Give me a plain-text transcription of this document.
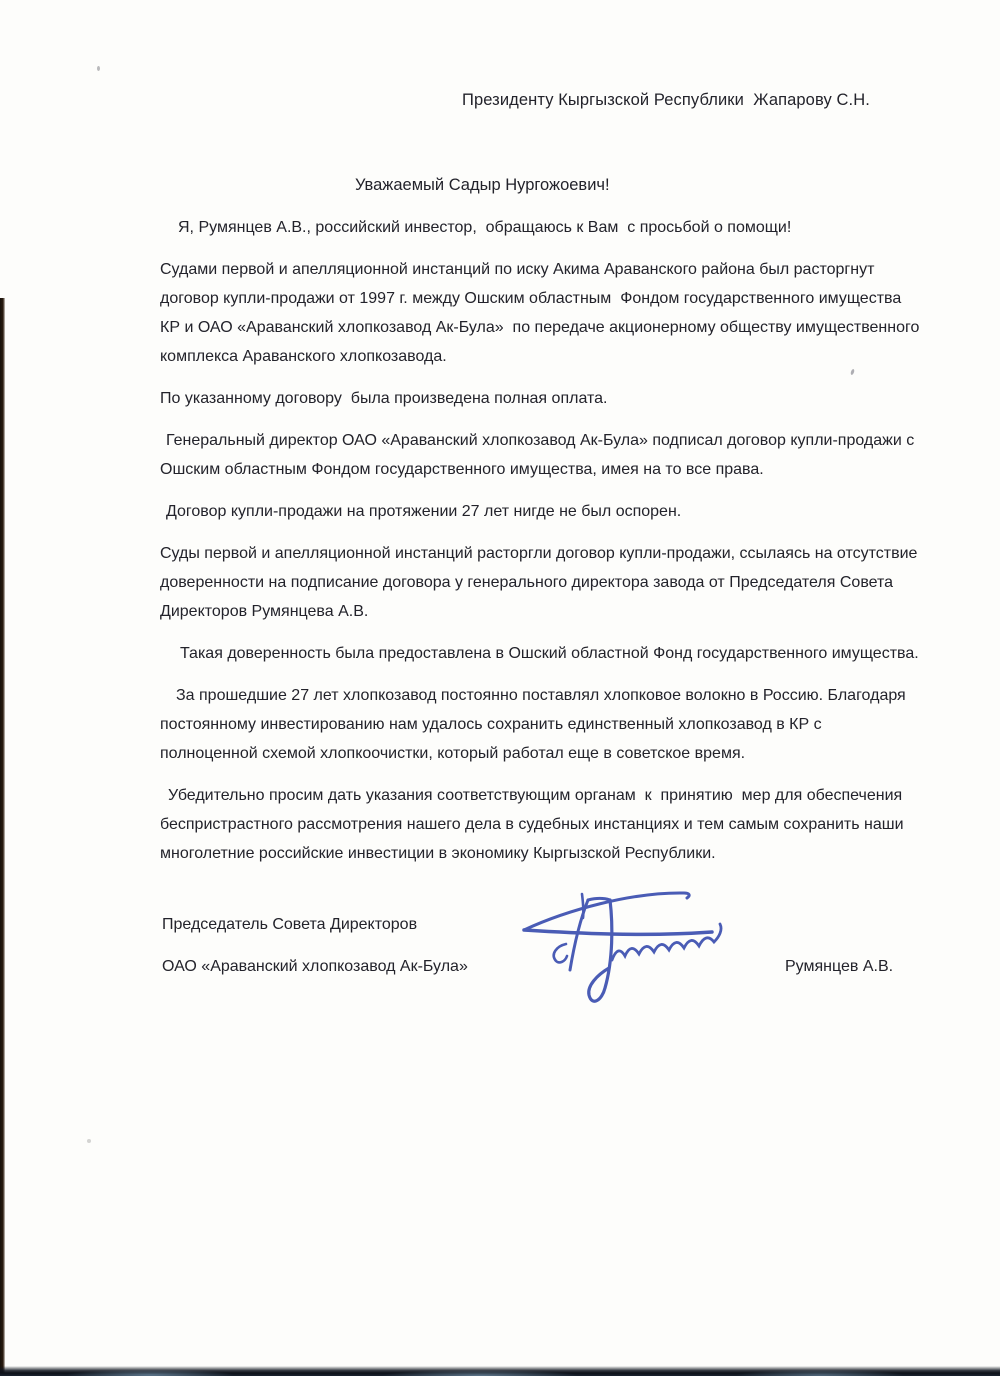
Президенту Кыргызской Республики  Жапарову С.Н.
Уважаемый Садыр Нургожоевич!

Я, Румянцев А.В., российский инвестор,  обращаюсь к Вам  с просьбой о помощи!

Судами первой и апелляционной инстанций по иску Акима Араванского района был расторгнут договор купли-продажи от 1997 г. между Ошским областным  Фондом государственного имущества КР и ОАО «Араванский хлопкозавод Ак-Була»  по передаче акционерному обществу имущественного комплекса Араванского хлопкозавода.

По указанному договору  была произведена полная оплата.

Генеральный директор ОАО «Араванский хлопкозавод Ак-Була» подписал договор купли-продажи с Ошским областным Фондом государственного имущества, имея на то все права.

Договор купли-продажи на протяжении 27 лет нигде не был оспорен.

Суды первой и апелляционной инстанций расторгли договор купли-продажи, ссылаясь на отсутствие доверенности на подписание договора у генерального директора завода от Председателя Совета Директоров Румянцева А.В.

Такая доверенность была предоставлена в Ошский областной Фонд государственного имущества.

За прошедшие 27 лет хлопкозавод постоянно поставлял хлопковое волокно в Россию. Благодаря постоянному инвестированию нам удалось сохранить единственный хлопкозавод в КР с полноценной схемой хлопкоочистки, который работал еще в советское время.

Убедительно просим дать указания соответствующим органам  к  принятию  мер для обеспечения беспристрастного рассмотрения нашего дела в судебных инстанциях и тем самым сохранить наши многолетние российские инвестиции в экономику Кыргызской Республики.

Председатель Совета Директоров
ОАО «Араванский хлопкозавод Ак-Була»	Румянцев А.В.
